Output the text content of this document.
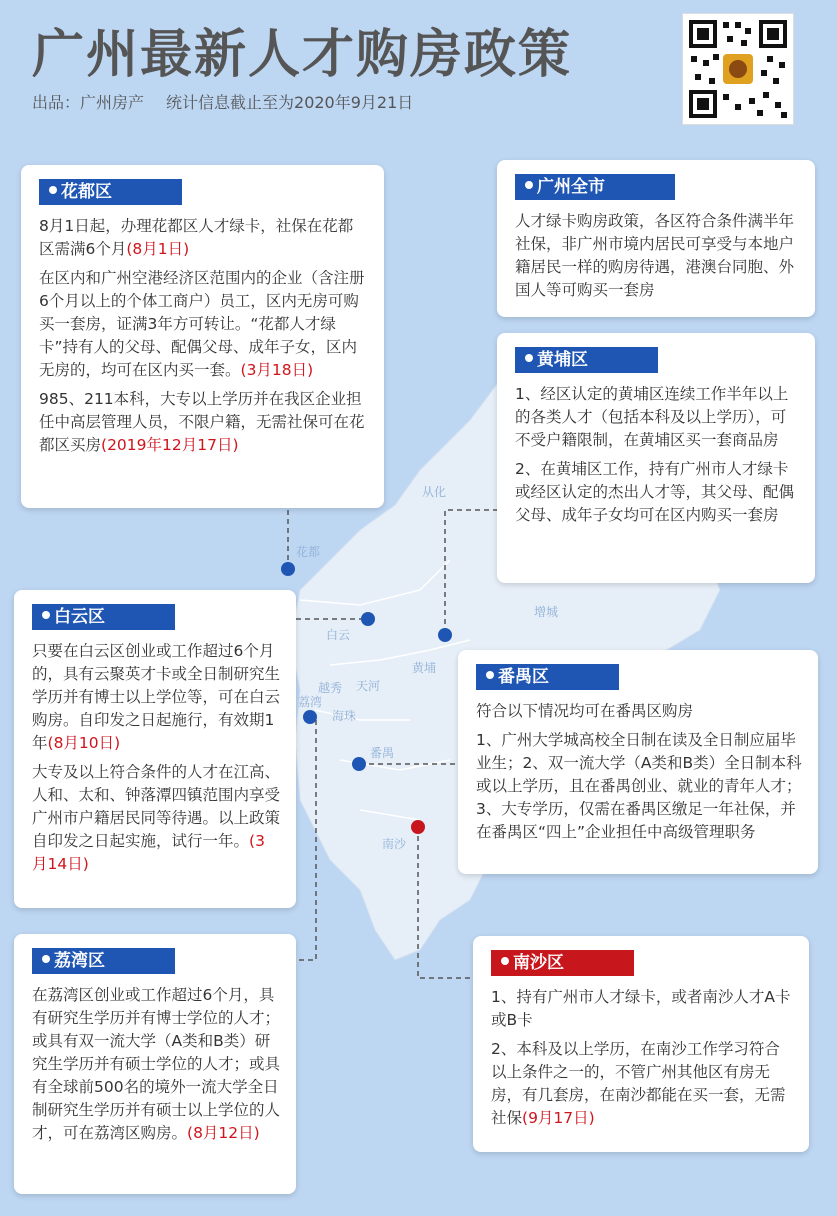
从化
花都
白云
增城
天河
越秀
荔湾
海珠
黄埔
番禺
南沙
广州最新人才购房政策
出品：广州房产 统计信息截止至为2020年9月21日
花都区
8月1日起，办理花都区人才绿卡，社保在花都区需满6个月(8月1日)
在区内和广州空港经济区范围内的企业（含注册6个月以上的个体工商户）员工，区内无房可购买一套房，证满3年方可转让。“花都人才绿卡”持有人的父母、配偶父母、成年子女，区内无房的，均可在区内买一套。(3月18日)
985、211本科，大专以上学历并在我区企业担任中高层管理人员，不限户籍，无需社保可在花都区买房(2019年12月17日)
广州全市
人才绿卡购房政策，各区符合条件满半年社保，非广州市境内居民可享受与本地户籍居民一样的购房待遇，港澳台同胞、外国人等可购买一套房
黄埔区
1、经区认定的黄埔区连续工作半年以上的各类人才（包括本科及以上学历），可不受户籍限制，在黄埔区买一套商品房
2、在黄埔区工作，持有广州市人才绿卡或经区认定的杰出人才等，其父母、配偶父母、成年子女均可在区内购买一套房
白云区
只要在白云区创业或工作超过6个月的，具有云聚英才卡或全日制研究生学历并有博士以上学位等，可在白云购房。自印发之日起施行，有效期1年(8月10日)
大专及以上符合条件的人才在江高、人和、太和、钟落潭四镇范围内享受广州市户籍居民同等待遇。以上政策自印发之日起实施，试行一年。(3月14日)
番禺区
符合以下情况均可在番禺区购房
1、广州大学城高校全日制在读及全日制应届毕业生；2、双一流大学（A类和B类）全日制本科或以上学历，且在番禺创业、就业的青年人才；3、大专学历，仅需在番禺区缴足一年社保，并在番禺区“四上”企业担任中高级管理职务
荔湾区
在荔湾区创业或工作超过6个月，具有研究生学历并有博士学位的人才；或具有双一流大学（A类和B类）研究生学历并有硕士学位的人才；或具有全球前500名的境外一流大学全日制研究生学历并有硕士以上学位的人才，可在荔湾区购房。(8月12日)
南沙区
1、持有广州市人才绿卡，或者南沙人才A卡或B卡
2、本科及以上学历，在南沙工作学习符合以上条件之一的，不管广州其他区有房无房，有几套房，在南沙都能在买一套，无需社保(9月17日)
